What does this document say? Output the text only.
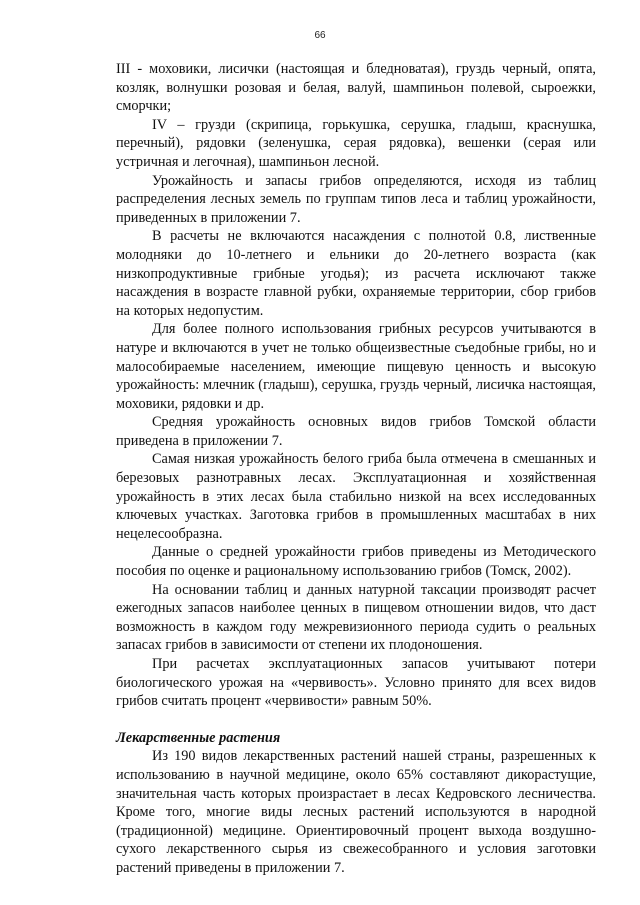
66

III - моховики, лисички (настоящая и бледноватая), груздь черный, опята, козляк, волнушки розовая и белая, валуй, шампиньон полевой, сыроежки, сморчки;

IV – грузди (скрипица, горькушка, серушка, гладыш, краснушка, перечный), рядовки (зеленушка, серая рядовка), вешенки (серая или устричная и легочная), шампиньон лесной.

Урожайность и запасы грибов определяются, исходя из таблиц распределения лесных земель по группам типов леса и таблиц урожайности, приведенных в приложении 7.

В расчеты не включаются насаждения с полнотой 0.8, лиственные молодняки до 10-летнего и ельники до 20-летнего возраста (как низкопродуктивные грибные угодья); из расчета исключают также насаждения в возрасте главной рубки, охраняемые территории, сбор грибов на которых недопустим.

Для более полного использования грибных ресурсов учитываются в натуре и включаются в учет не только общеизвестные съедобные грибы, но и малособираемые населением, имеющие пищевую ценность и высокую урожайность: млечник (гладыш), серушка, груздь черный, лисичка настоящая, моховики, рядовки и др.

Средняя урожайность основных видов грибов Томской области приведена в приложении 7.

Самая низкая урожайность белого гриба была отмечена в смешанных и березовых разнотравных лесах. Эксплуатационная и хозяйственная урожайность в этих лесах была стабильно низкой на всех исследованных ключевых участках. Заготовка грибов в промышленных масштабах в них нецелесообразна.

Данные о средней урожайности грибов приведены из Методического пособия по оценке и рациональному использованию грибов (Томск, 2002).

На основании таблиц и данных натурной таксации производят расчет ежегодных запасов наиболее ценных в пищевом отношении видов, что даст возможность в каждом году межревизионного периода судить о реальных запасах грибов в зависимости от степени их плодоношения.

При расчетах эксплуатационных запасов учитывают потери биологического урожая на «червивость». Условно принято для всех видов грибов считать процент «червивости» равным 50%.

Лекарственные растения

Из 190 видов лекарственных растений нашей страны, разрешенных к использованию в научной медицине, около 65% составляют дикорастущие, значительная часть которых произрастает в лесах Кедровского лесничества. Кроме того, многие виды лесных растений используются в народной (традиционной) медицине. Ориентировочный процент выхода воздушно-сухого лекарственного сырья из свежесобранного и условия заготовки растений приведены в приложении 7.
